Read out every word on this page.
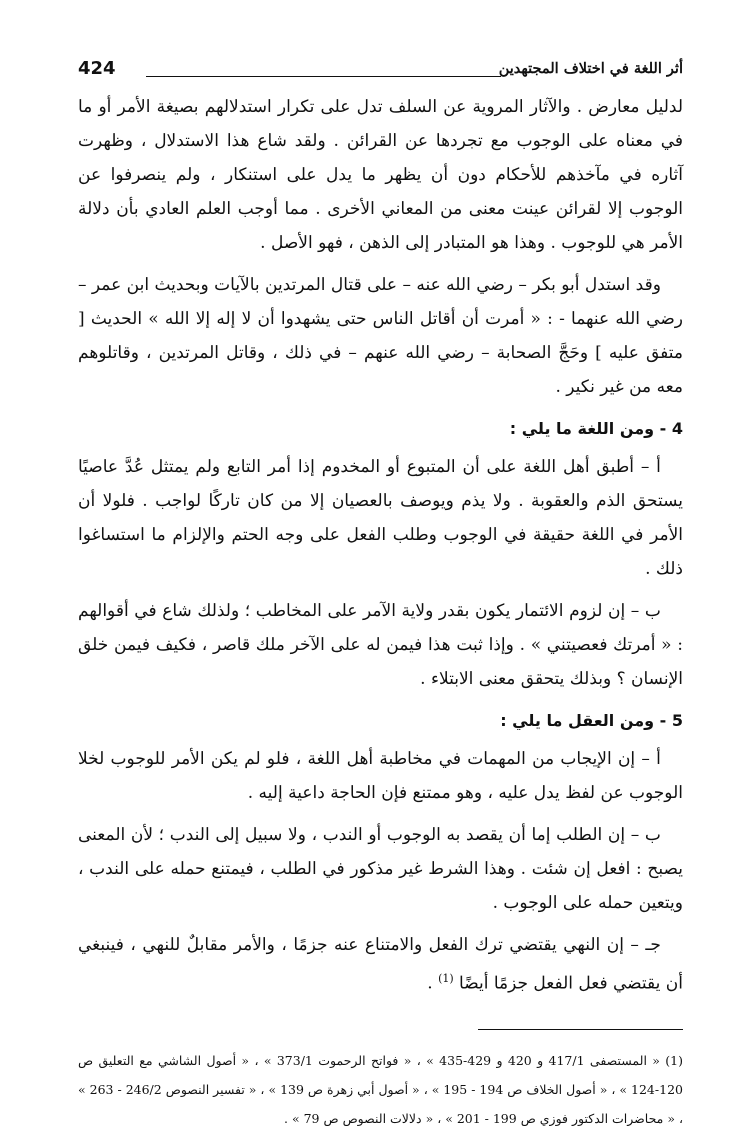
424	أثر اللغة في اختلاف المجتهدين

لدليل معارض . والآثار المروية عن السلف تدل على تكرار استدلالهم بصيغة الأمر أو ما في معناه على الوجوب مع تجردها عن القرائن . ولقد شاع هذا الاستدلال ، وظهرت آثاره في مآخذهم للأحكام دون أن يظهر ما يدل على استنكار ، ولم ينصرفوا عن الوجوب إلا لقرائن عينت معنى من المعاني الأخرى . مما أوجب العلم العادي بأن دلالة الأمر هي للوجوب . وهذا هو المتبادر إلى الذهن ، فهو الأصل .

وقد استدل أبو بكر – رضي الله عنه – على قتال المرتدين بالآيات وبحديث ابن عمر – رضي الله عنهما - : « أمرت أن أقاتل الناس حتى يشهدوا أن لا إله إلا الله » الحديث [ متفق عليه ] وحَجَّ الصحابة – رضي الله عنهم – في ذلك ، وقاتل المرتدين ، وقاتلوهم معه من غير نكير .

4 - ومن اللغة ما يلي :

أ – أطبق أهل اللغة على أن المتبوع أو المخدوم إذا أمر التابع ولم يمتثل عُدَّ عاصيًا يستحق الذم والعقوبة . ولا يذم ويوصف بالعصيان إلا من كان تاركًا لواجب . فلولا أن الأمر في اللغة حقيقة في الوجوب وطلب الفعل على وجه الحتم والإلزام ما استساغوا ذلك .

ب – إن لزوم الائتمار يكون بقدر ولاية الآمر على المخاطب ؛ ولذلك شاع في أقوالهم : « أمرتك فعصيتني » . وإذا ثبت هذا فيمن له على الآخر ملك قاصر ، فكيف فيمن خلق الإنسان ؟ وبذلك يتحقق معنى الابتلاء .

5 - ومن العقل ما يلي :

أ – إن الإيجاب من المهمات في مخاطبة أهل اللغة ، فلو لم يكن الأمر للوجوب لخلا الوجوب عن لفظ يدل عليه ، وهو ممتنع فإن الحاجة داعية إليه .

ب – إن الطلب إما أن يقصد به الوجوب أو الندب ، ولا سبيل إلى الندب ؛ لأن المعنى يصبح : افعل إن شئت . وهذا الشرط غير مذكور في الطلب ، فيمتنع حمله على الندب ، ويتعين حمله على الوجوب .

جـ – إن النهي يقتضي ترك الفعل والامتناع عنه جزمًا ، والأمر مقابلٌ للنهي ، فينبغي أن يقتضي فعل الفعل جزمًا أيضًا $^{(1)}$ .

(1) « المستصفى 417/1 و 420 و 429-435 » ، « فواتح الرحموت 373/1 » ، « أصول الشاشي مع التعليق ص 120-124 » ، « أصول الخلاف ص 194 - 195 » ، « أصول أبي زهرة ص 139 » ، « تفسير النصوص 246/2 - 263 » ، « محاضرات الدكتور فوزي ص 199 - 201 » ، « دلالات النصوص ص 79 » .
